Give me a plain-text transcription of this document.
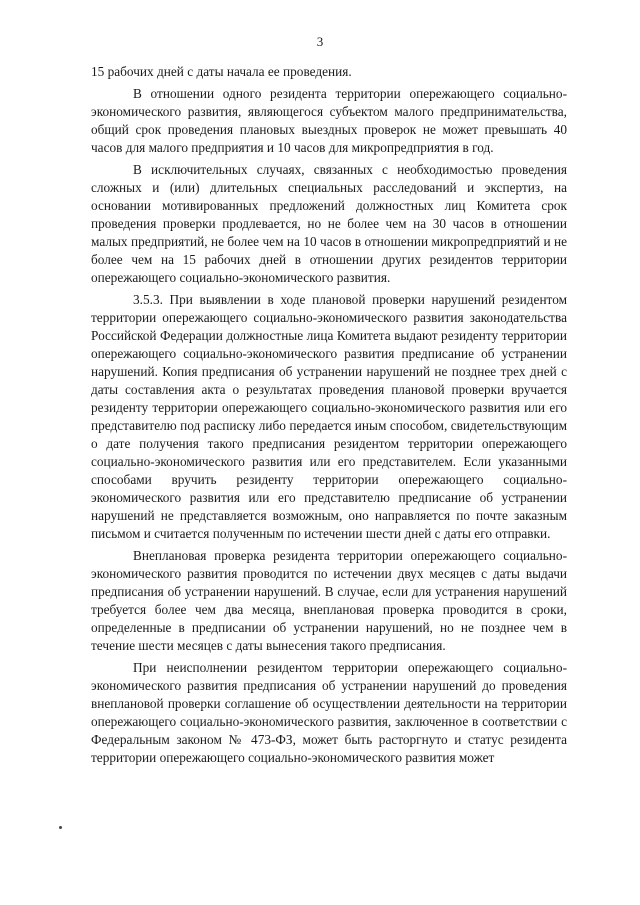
3

15 рабочих дней с даты начала ее проведения.

В отношении одного резидента территории опережающего социально-экономического развития, являющегося субъектом малого предпринимательства, общий срок проведения плановых выездных проверок не может превышать 40 часов для малого предприятия и 10 часов для микропредприятия в год.

В исключительных случаях, связанных с необходимостью проведения сложных и (или) длительных специальных расследований и экспертиз, на основании мотивированных предложений должностных лиц Комитета срок проведения проверки продлевается, но не более чем на 30 часов в отношении малых предприятий, не более чем на 10 часов в отношении микропредприятий и не более чем на 15 рабочих дней в отношении других резидентов территории опережающего социально-экономического развития.

3.5.3. При выявлении в ходе плановой проверки нарушений резидентом территории опережающего социально-экономического развития законодательства Российской Федерации должностные лица Комитета выдают резиденту территории опережающего социально-экономического развития предписание об устранении нарушений. Копия предписания об устранении нарушений не позднее трех дней с даты составления акта о результатах проведения плановой проверки вручается резиденту территории опережающего социально-экономического развития или его представителю под расписку либо передается иным способом, свидетельствующим о дате получения такого предписания резидентом территории опережающего социально-экономического развития или его представителем. Если указанными способами вручить резиденту территории опережающего социально-экономического развития или его представителю предписание об устранении нарушений не представляется возможным, оно направляется по почте заказным письмом и считается полученным по истечении шести дней с даты его отправки.

Внеплановая проверка резидента территории опережающего социально-экономического развития проводится по истечении двух месяцев с даты выдачи предписания об устранении нарушений. В случае, если для устранения нарушений требуется более чем два месяца, внеплановая проверка проводится в сроки, определенные в предписании об устранении нарушений, но не позднее чем в течение шести месяцев с даты вынесения такого предписания.

При неисполнении резидентом территории опережающего социально-экономического развития предписания об устранении нарушений до проведения внеплановой проверки соглашение об осуществлении деятельности на территории опережающего социально-экономического развития, заключенное в соответствии с Федеральным законом № 473-ФЗ, может быть расторгнуто и статус резидента территории опережающего социально-экономического развития может
